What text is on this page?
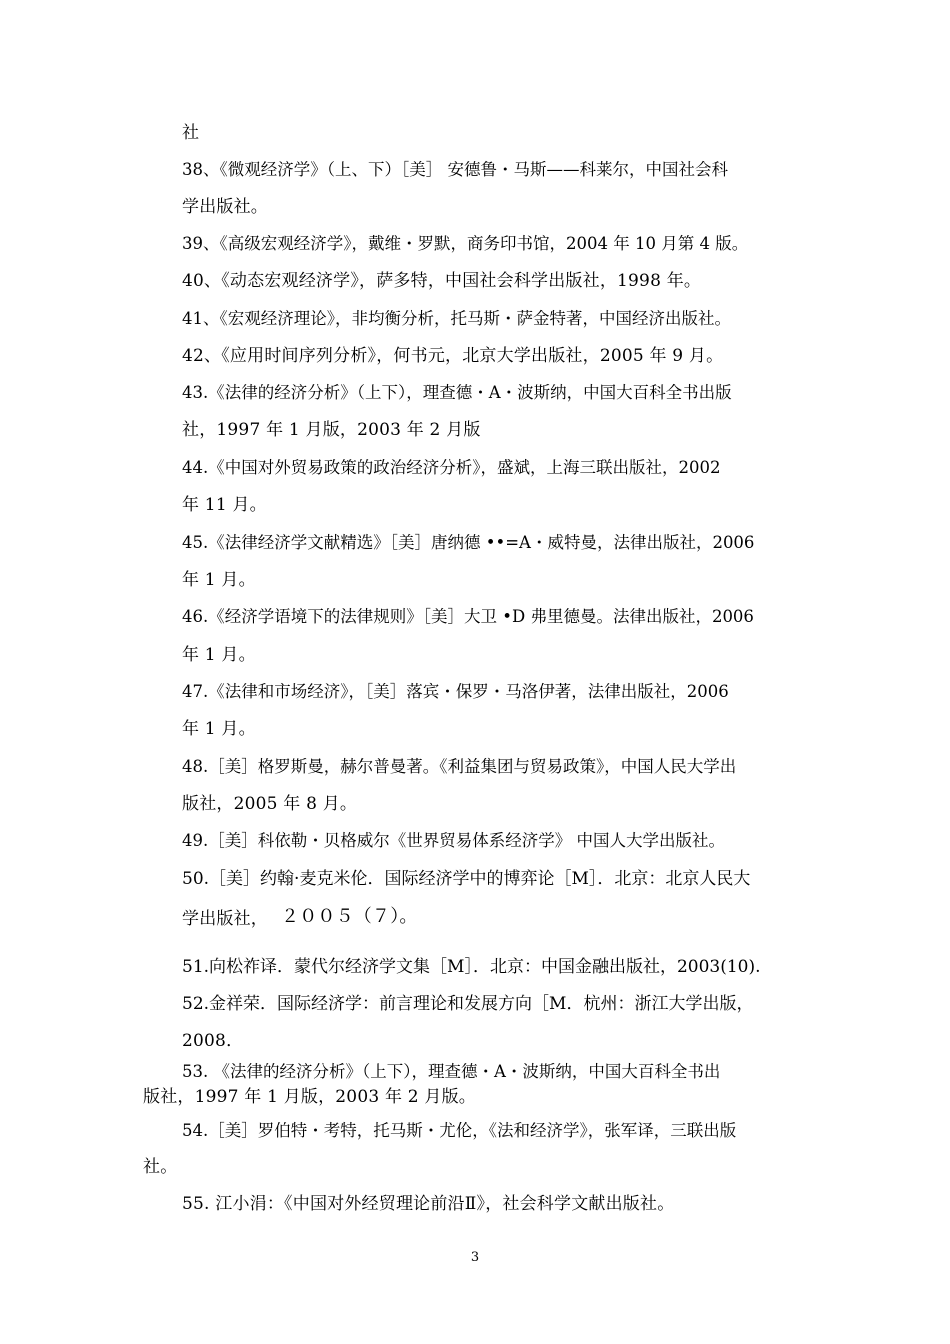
社
38、《微观经济学》（上、下）［美］ 安德鲁・马斯——科莱尔，中国社会科
学出版社。
39、《高级宏观经济学》，戴维・罗默，商务印书馆，2004 年 10 月第 4 版。
40、《动态宏观经济学》，萨多特，中国社会科学出版社，1998 年。
41、《宏观经济理论》，非均衡分析，托马斯・萨金特著，中国经济出版社。
42、《应用时间序列分析》，何书元，北京大学出版社，2005 年 9 月。
43.《法律的经济分析》（上下），理查德・A・波斯纳，中国大百科全书出版
社，1997 年 1 月版，2003 年 2 月版
44.《中国对外贸易政策的政治经济分析》，盛斌，上海三联出版社，2002
年 11 月。
45.《法律经济学文献精选》［美］唐纳德 ••=A・威特曼，法律出版社，2006
年 1 月。
46.《经济学语境下的法律规则》［美］大卫 •D 弗里德曼。法律出版社，2006
年 1 月。
47.《法律和市场经济》，［美］落宾・保罗・马洛伊著，法律出版社，2006
年 1 月。
48.［美］格罗斯曼，赫尔普曼著。《利益集团与贸易政策》，中国人民大学出
版社，2005 年 8 月。
49.［美］科依勒・贝格威尔《世界贸易体系经济学》 中国人大学出版社。
50.［美］约翰·麦克米伦．国际经济学中的博弈论［M］．北京：北京人民大
学出版社， ２００５（７）。
51.向松祚译．蒙代尔经济学文集［M］．北京：中国金融出版社，2003(10).
52.金祥荣．国际经济学：前言理论和发展方向［M．杭州：浙江大学出版，
2008．
53. 《法律的经济分析》（上下），理查德・A・波斯纳，中国大百科全书出
版社，1997 年 1 月版，2003 年 2 月版。
54.［美］罗伯特・考特，托马斯・尤伦，《法和经济学》，张军译，三联出版
社。
55. 江小涓：《中国对外经贸理论前沿Ⅱ》，社会科学文献出版社。
3
